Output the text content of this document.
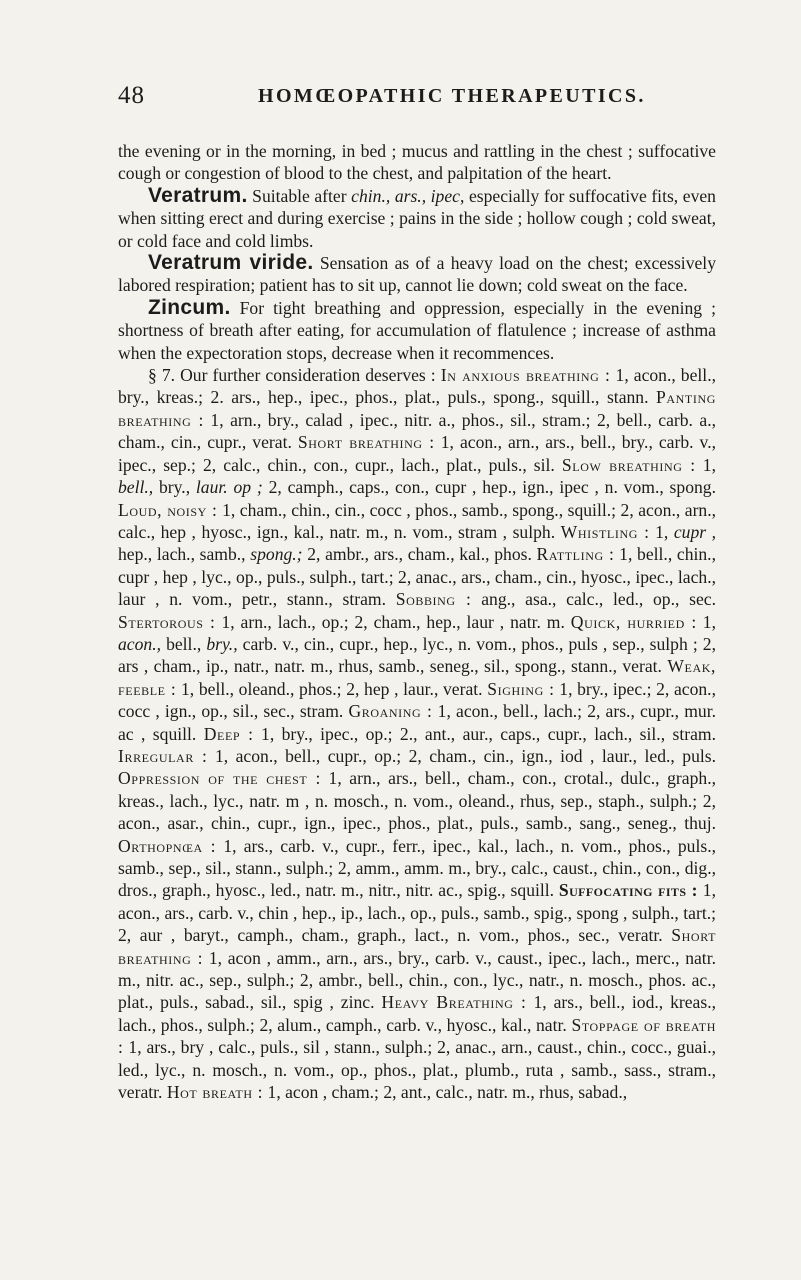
48	HOMŒOPATHIC THERAPEUTICS.

the evening or in the morning, in bed ; mucus and rattling in the chest ; suffocative cough or congestion of blood to the chest, and palpitation of the heart.

Veratrum. Suitable after chin., ars., ipec, especially for suffocative fits, even when sitting erect and during exercise ; pains in the side ; hollow cough ; cold sweat, or cold face and cold limbs.

Veratrum viride. Sensation as of a heavy load on the chest; excessively labored respiration; patient has to sit up, cannot lie down; cold sweat on the face.

Zincum. For tight breathing and oppression, especially in the evening ; shortness of breath after eating, for accumulation of flatulence ; increase of asthma when the expectoration stops, decrease when it recommences.

§ 7. Our further consideration deserves : In anxious breathing : 1, acon., bell., bry., kreas.; 2. ars., hep., ipec., phos., plat., puls., spong., squill., stann. Panting breathing : 1, arn., bry., calad , ipec., nitr. a., phos., sil., stram.; 2, bell., carb. a., cham., cin., cupr., verat. Short breathing : 1, acon., arn., ars., bell., bry., carb. v., ipec., sep.; 2, calc., chin., con., cupr., lach., plat., puls., sil. Slow breathing : 1, bell., bry., laur. op ; 2, camph., caps., con., cupr , hep., ign., ipec , n. vom., spong. Loud, noisy : 1, cham., chin., cin., cocc , phos., samb., spong., squill.; 2, acon., arn., calc., hep , hyosc., ign., kal., natr. m., n. vom., stram , sulph. Whistling : 1, cupr , hep., lach., samb., spong.; 2, ambr., ars., cham., kal., phos. Rattling : 1, bell., chin., cupr , hep , lyc., op., puls., sulph., tart.; 2, anac., ars., cham., cin., hyosc., ipec., lach., laur , n. vom., petr., stann., stram. Sobbing : ang., asa., calc., led., op., sec. Stertorous : 1, arn., lach., op.; 2, cham., hep., laur , natr. m. Quick, hurried : 1, acon., bell., bry., carb. v., cin., cupr., hep., lyc., n. vom., phos., puls , sep., sulph ; 2, ars , cham., ip., natr., natr. m., rhus, samb., seneg., sil., spong., stann., verat. Weak, feeble : 1, bell., oleand., phos.; 2, hep , laur., verat. Sighing : 1, bry., ipec.; 2, acon., cocc , ign., op., sil., sec., stram. Groaning : 1, acon., bell., lach.; 2, ars., cupr., mur. ac , squill. Deep : 1, bry., ipec., op.; 2., ant., aur., caps., cupr., lach., sil., stram. Irregular : 1, acon., bell., cupr., op.; 2, cham., cin., ign., iod , laur., led., puls. Oppression of the chest : 1, arn., ars., bell., cham., con., crotal., dulc., graph., kreas., lach., lyc., natr. m , n. mosch., n. vom., oleand., rhus, sep., staph., sulph.; 2, acon., asar., chin., cupr., ign., ipec., phos., plat., puls., samb., sang., seneg., thuj. Orthopnœa : 1, ars., carb. v., cupr., ferr., ipec., kal., lach., n. vom., phos., puls., samb., sep., sil., stann., sulph.; 2, amm., amm. m., bry., calc., caust., chin., con., dig., dros., graph., hyosc., led., natr. m., nitr., nitr. ac., spig., squill. Suffocating fits : 1, acon., ars., carb. v., chin , hep., ip., lach., op., puls., samb., spig., spong , sulph., tart.; 2, aur , baryt., camph., cham., graph., lact., n. vom., phos., sec., veratr. Short breathing : 1, acon , amm., arn., ars., bry., carb. v., caust., ipec., lach., merc., natr. m., nitr. ac., sep., sulph.; 2, ambr., bell., chin., con., lyc., natr., n. mosch., phos. ac., plat., puls., sabad., sil., spig , zinc. Heavy Breathing : 1, ars., bell., iod., kreas., lach., phos., sulph.; 2, alum., camph., carb. v., hyosc., kal., natr. Stoppage of breath : 1, ars., bry , calc., puls., sil , stann., sulph.; 2, anac., arn., caust., chin., cocc., guai., led., lyc., n. mosch., n. vom., op., phos., plat., plumb., ruta , samb., sass., stram., veratr. Hot breath : 1, acon , cham.; 2, ant., calc., natr. m., rhus, sabad.,
